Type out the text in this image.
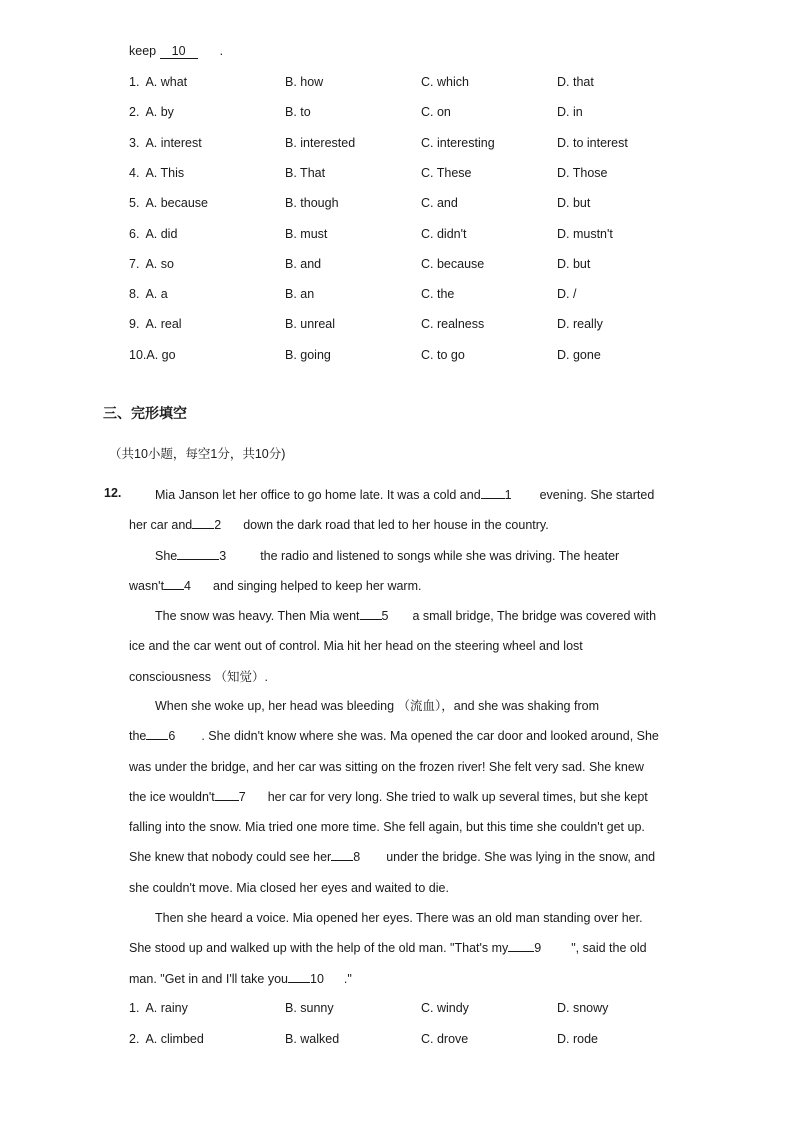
keep 10	.
1. A. what	B. how	C. which	D. that
2. A. by	B. to	C. on	D. in
3. A. interest	B. interested	C. interesting	D. to interest
4. A. This	B. That	C. These	D. Those
5. A. because	B. though	C. and	D. but
6. A. did	B. must	C. didn't	D. mustn't
7. A. so	B. and	C. because	D. but
8. A. a	B. an	C. the	D. /
9. A. real	B. unreal	C. realness	D. really
10.A. go	B. going	C. to go	D. gone
三、完形填空
（共10小题，每空1分，共10分)
12.	Mia Janson let her office to go home late. It was a cold and 1 evening. She started
her car and 2 down the dark road that led to her house in the country.
She	3	the radio and listened to songs while she was driving. The heater
wasn't 4 and singing helped to keep her warm.
The snow was heavy. Then Mia went 5 a small bridge, The bridge was covered with
ice and the car went out of control. Mia hit her head on the steering wheel and lost
consciousness （知觉）.
When she woke up, her head was bleeding （流血），and she was shaking from
the 6 . She didn't know where she was. Ma opened the car door and looked around, She
was under the bridge, and her car was sitting on the frozen river! She felt very sad. She knew
the ice wouldn't 7 her car for very long. She tried to walk up several times, but she kept
falling into the snow. Mia tried one more time. She fell again, but this time she couldn't get up.
She knew that nobody could see her 8 under the bridge. She was lying in the snow, and
she couldn't move. Mia closed her eyes and waited to die.
Then she heard a voice. Mia opened her eyes. There was an old man standing over her.
She stood up and walked up with the help of the old man. "That's my 9 ", said the old
man. "Get in and I'll take you 10 ."
1. A. rainy	B. sunny	C. windy	D. snowy
2. A. climbed	B. walked	C. drove	D. rode
